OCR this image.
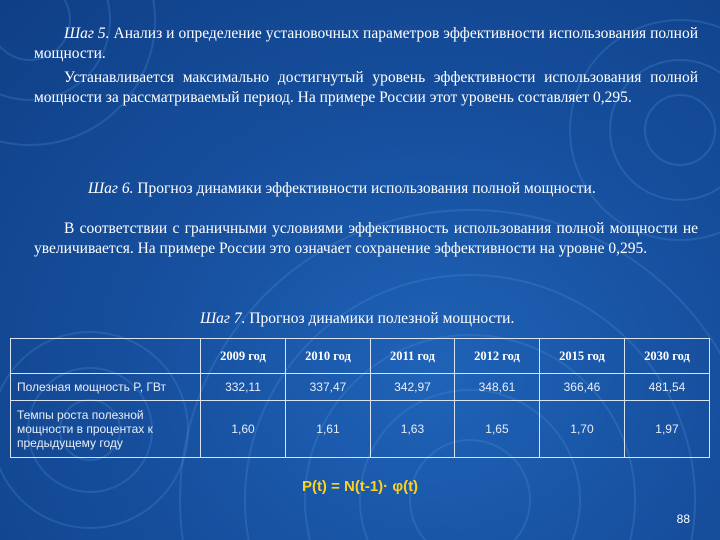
Шаг 5. Анализ и определение установочных параметров эффективности использования полной мощности.
Устанавливается максимально достигнутый уровень эффективности использования полной мощности за рассматриваемый период. На примере России этот уровень составляет 0,295.
Шаг 6. Прогноз динамики эффективности использования полной мощности.
В соответствии с граничными условиями эффективность использования полной мощности не увеличивается. На примере России это означает сохранение эффективности на уровне 0,295.
Шаг 7. Прогноз динамики полезной мощности.
	2009 год	2010 год	2011 год	2012 год	2015 год	2030 год
Полезная мощность P, ГВт	332,11	337,47	342,97	348,61	366,46	481,54
Темпы роста полезной мощности в процентах к предыдущему году	1,60	1,61	1,63	1,65	1,70	1,97
P(t) = N(t-1)· φ(t)
88
